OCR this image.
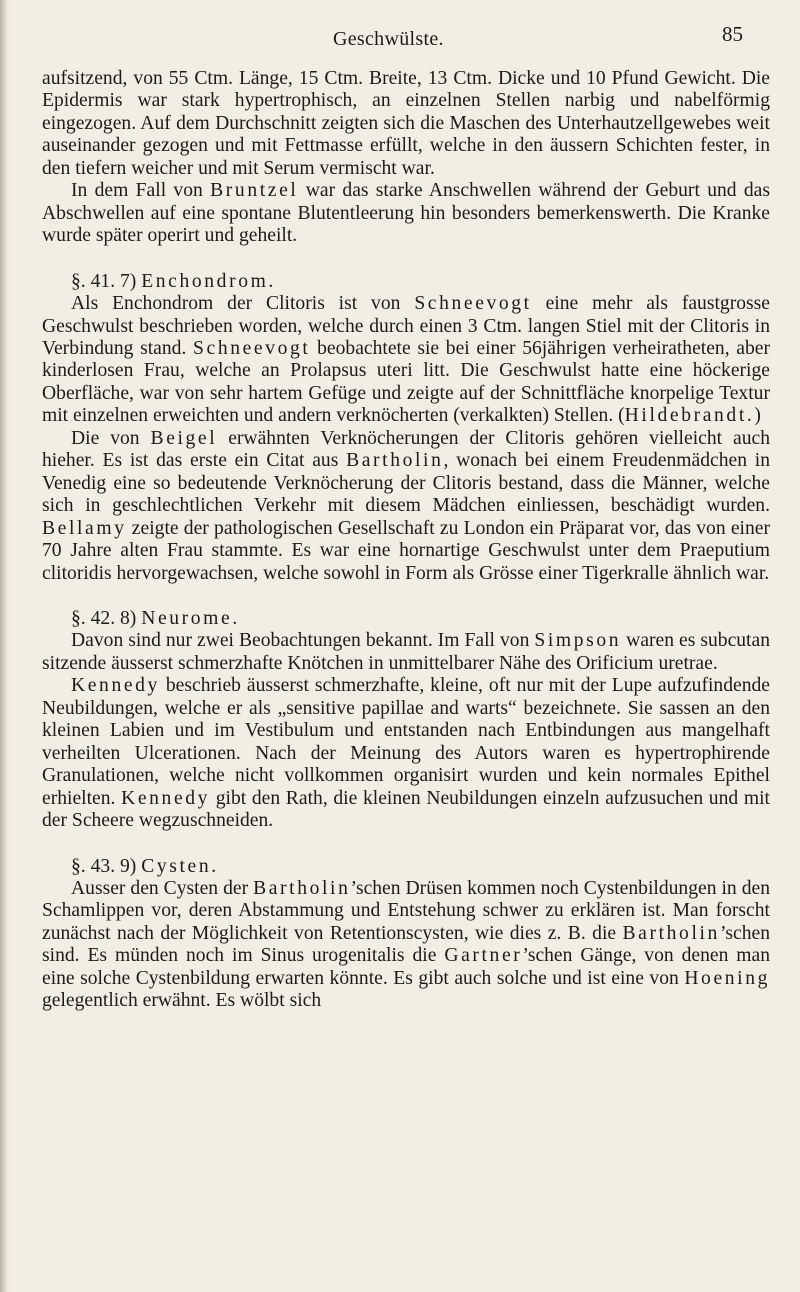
Geschwülste.	85

aufsitzend, von 55 Ctm. Länge, 15 Ctm. Breite, 13 Ctm. Dicke und 10 Pfund Gewicht. Die Epidermis war stark hypertrophisch, an einzelnen Stellen narbig und nabelförmig eingezogen. Auf dem Durchschnitt zeigten sich die Maschen des Unterhautzellgewebes weit auseinander gezogen und mit Fettmasse erfüllt, welche in den äussern Schichten fester, in den tiefern weicher und mit Serum vermischt war.

In dem Fall von Bruntzel war das starke Anschwellen während der Geburt und das Abschwellen auf eine spontane Blutentleerung hin besonders bemerkenswerth. Die Kranke wurde später operirt und geheilt.

§. 41. 7) Enchondrom.

Als Enchondrom der Clitoris ist von Schneevogt eine mehr als faustgrosse Geschwulst beschrieben worden, welche durch einen 3 Ctm. langen Stiel mit der Clitoris in Verbindung stand. Schneevogt beobachtete sie bei einer 56jährigen verheiratheten, aber kinderlosen Frau, welche an Prolapsus uteri litt. Die Geschwulst hatte eine höckerige Oberfläche, war von sehr hartem Gefüge und zeigte auf der Schnittfläche knorpelige Textur mit einzelnen erweichten und andern verknöcherten (verkalkten) Stellen. (Hildebrandt.)

Die von Beigel erwähnten Verknöcherungen der Clitoris gehören vielleicht auch hieher. Es ist das erste ein Citat aus Bartholin, wonach bei einem Freudenmädchen in Venedig eine so bedeutende Verknöcherung der Clitoris bestand, dass die Männer, welche sich in geschlechtlichen Verkehr mit diesem Mädchen einliessen, beschädigt wurden. Bellamy zeigte der pathologischen Gesellschaft zu London ein Präparat vor, das von einer 70 Jahre alten Frau stammte. Es war eine hornartige Geschwulst unter dem Praeputium clitoridis hervorgewachsen, welche sowohl in Form als Grösse einer Tigerkralle ähnlich war.

§. 42. 8) Neurome.

Davon sind nur zwei Beobachtungen bekannt. Im Fall von Simpson waren es subcutan sitzende äusserst schmerzhafte Knötchen in unmittelbarer Nähe des Orificium uretrae.

Kennedy beschrieb äusserst schmerzhafte, kleine, oft nur mit der Lupe aufzufindende Neubildungen, welche er als „sensitive papillae and warts“ bezeichnete. Sie sassen an den kleinen Labien und im Vestibulum und entstanden nach Entbindungen aus mangelhaft verheilten Ulcerationen. Nach der Meinung des Autors waren es hypertrophirende Granulationen, welche nicht vollkommen organisirt wurden und kein normales Epithel erhielten. Kennedy gibt den Rath, die kleinen Neubildungen einzeln aufzusuchen und mit der Scheere wegzuschneiden.

§. 43. 9) Cysten.

Ausser den Cysten der Bartholin’schen Drüsen kommen noch Cystenbildungen in den Schamlippen vor, deren Abstammung und Entstehung schwer zu erklären ist. Man forscht zunächst nach der Möglichkeit von Retentionscysten, wie dies z. B. die Bartholin’schen sind. Es münden noch im Sinus urogenitalis die Gartner’schen Gänge, von denen man eine solche Cystenbildung erwarten könnte. Es gibt auch solche und ist eine von Hoening gelegentlich erwähnt. Es wölbt sich
